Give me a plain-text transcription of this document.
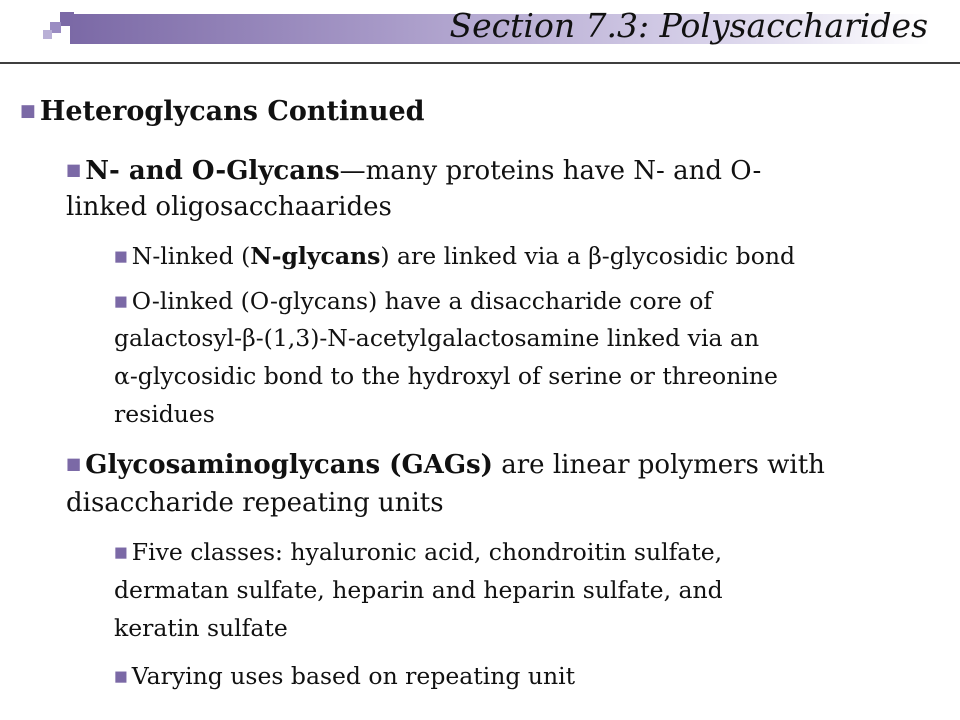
Section 7.3: Polysaccharides
■ Heteroglycans Continued
■ N- and O-Glycans—many proteins have N- and O-
linked oligosacchaarides
■ N-linked (N-glycans) are linked via a β-glycosidic bond
■ O-linked (O-glycans) have a disaccharide core of
galactosyl-β-(1,3)-N-acetylgalactosamine linked via an
α-glycosidic bond to the hydroxyl of serine or threonine
residues
■ Glycosaminoglycans (GAGs) are linear polymers with
disaccharide repeating units
■ Five classes: hyaluronic acid, chondroitin sulfate,
dermatan sulfate, heparin and heparin sulfate, and
keratin sulfate
■ Varying uses based on repeating unit
